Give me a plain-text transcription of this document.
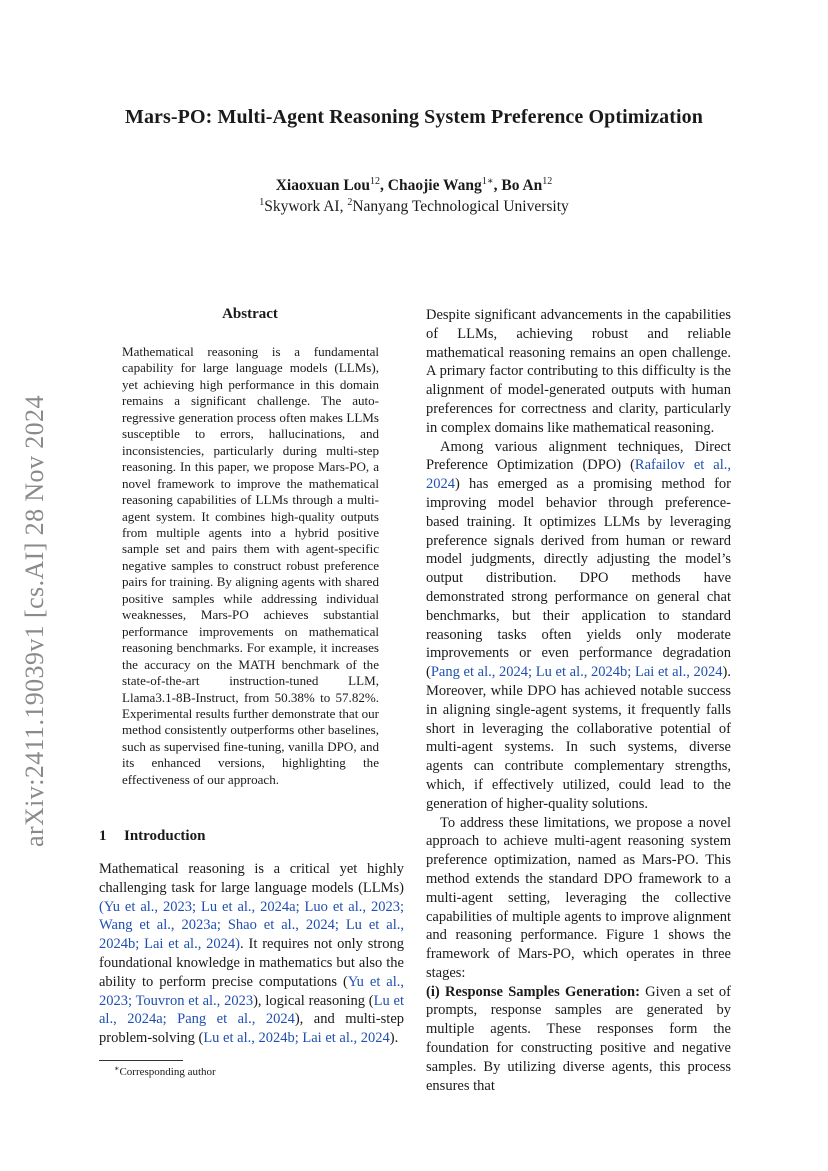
arXiv:2411.19039v1 [cs.AI] 28 Nov 2024
Mars-PO: Multi-Agent Reasoning System Preference Optimization
Xiaoxuan Lou$^{12}$, Chaojie Wang$^{1∗}$, Bo An$^{12}$
$^1$Skywork AI, $^2$Nanyang Technological University
Abstract
Mathematical reasoning is a fundamental capability for large language models (LLMs), yet achieving high performance in this domain remains a significant challenge. The auto-regressive generation process often makes LLMs susceptible to errors, hallucinations, and inconsistencies, particularly during multi-step reasoning. In this paper, we propose Mars-PO, a novel framework to improve the mathematical reasoning capabilities of LLMs through a multi-agent system. It combines high-quality outputs from multiple agents into a hybrid positive sample set and pairs them with agent-specific negative samples to construct robust preference pairs for training. By aligning agents with shared positive samples while addressing individual weaknesses, Mars-PO achieves substantial performance improvements on mathematical reasoning benchmarks. For example, it increases the accuracy on the MATH benchmark of the state-of-the-art instruction-tuned LLM, Llama3.1-8B-Instruct, from 50.38% to 57.82%. Experimental results further demonstrate that our method consistently outperforms other baselines, such as supervised fine-tuning, vanilla DPO, and its enhanced versions, highlighting the effectiveness of our approach.
1 Introduction

Mathematical reasoning is a critical yet highly challenging task for large language models (LLMs) (Yu et al., 2023; Lu et al., 2024a; Luo et al., 2023; Wang et al., 2023a; Shao et al., 2024; Lu et al., 2024b; Lai et al., 2024). It requires not only strong foundational knowledge in mathematics but also the ability to perform precise computations (Yu et al., 2023; Touvron et al., 2023), logical reasoning (Lu et al., 2024a; Pang et al., 2024), and multi-step problem-solving (Lu et al., 2024b; Lai et al., 2024).

Despite significant advancements in the capabilities of LLMs, achieving robust and reliable mathematical reasoning remains an open challenge. A primary factor contributing to this difficulty is the alignment of model-generated outputs with human preferences for correctness and clarity, particularly in complex domains like mathematical reasoning.

Among various alignment techniques, Direct Preference Optimization (DPO) (Rafailov et al., 2024) has emerged as a promising method for improving model behavior through preference-based training. It optimizes LLMs by leveraging preference signals derived from human or reward model judgments, directly adjusting the model’s output distribution. DPO methods have demonstrated strong performance on general chat benchmarks, but their application to standard reasoning tasks often yields only moderate improvements or even performance degradation (Pang et al., 2024; Lu et al., 2024b; Lai et al., 2024). Moreover, while DPO has achieved notable success in aligning single-agent systems, it frequently falls short in leveraging the collaborative potential of multi-agent systems. In such systems, diverse agents can contribute complementary strengths, which, if effectively utilized, could lead to the generation of higher-quality solutions.

To address these limitations, we propose a novel approach to achieve multi-agent reasoning system preference optimization, named as Mars-PO. This method extends the standard DPO framework to a multi-agent setting, leveraging the collective capabilities of multiple agents to improve alignment and reasoning performance. Figure 1 shows the framework of Mars-PO, which operates in three stages:

(i) Response Samples Generation: Given a set of prompts, response samples are generated by multiple agents. These responses form the foundation for constructing positive and negative samples. By utilizing diverse agents, this process ensures that

∗Corresponding author
